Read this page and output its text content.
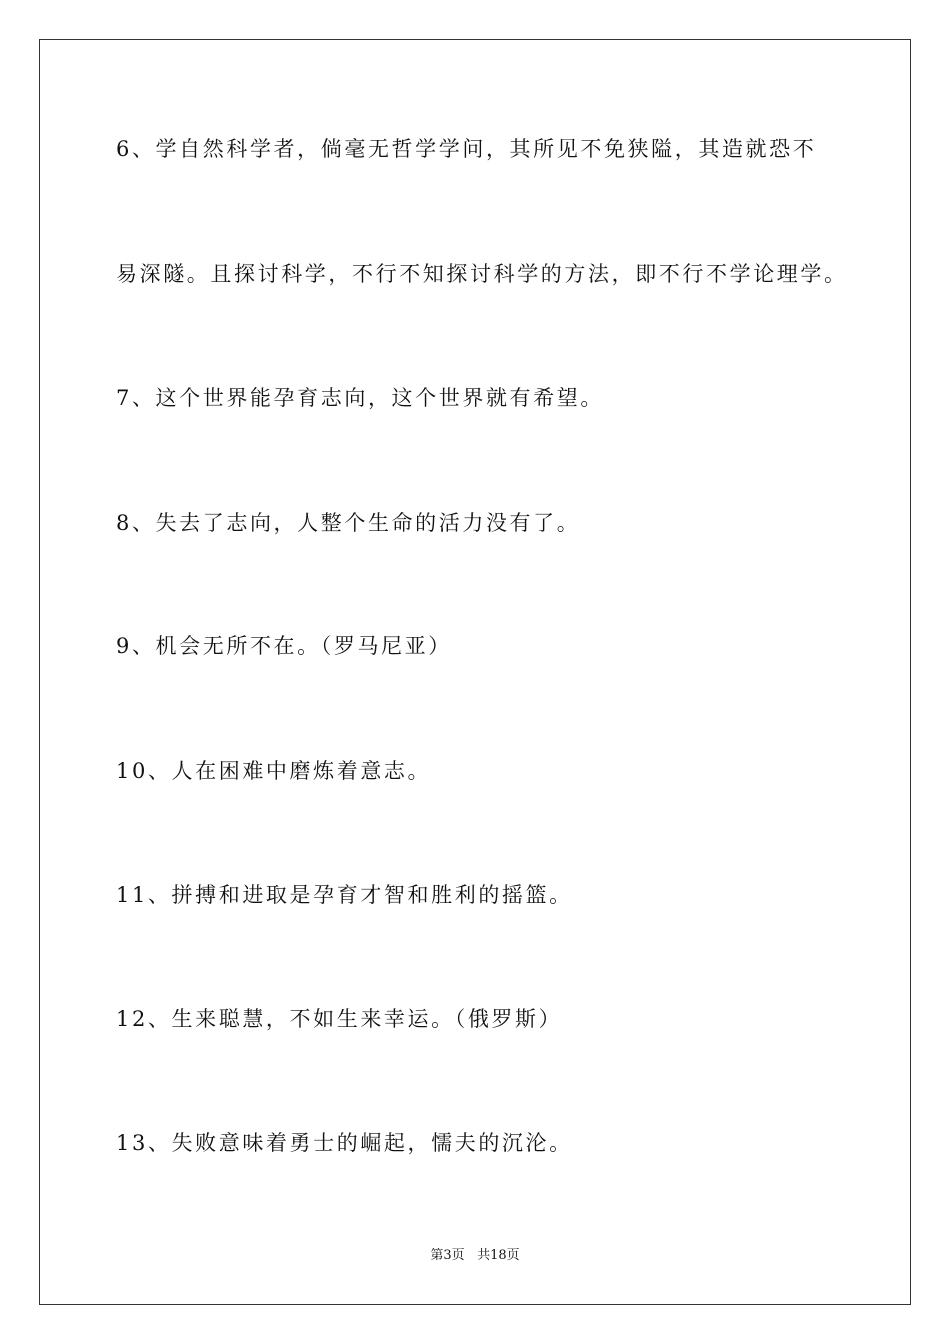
6、学自然科学者，倘毫无哲学学问，其所见不免狭隘，其造就恐不
易深隧。且探讨科学，不行不知探讨科学的方法，即不行不学论理学。
7、这个世界能孕育志向，这个世界就有希望。
8、失去了志向，人整个生命的活力没有了。
9、机会无所不在。（罗马尼亚）
10、人在困难中磨炼着意志。
11、拼搏和进取是孕育才智和胜利的摇篮。
12、生来聪慧，不如生来幸运。（俄罗斯）
13、失败意味着勇士的崛起，懦夫的沉沦。
第3页 共18页
